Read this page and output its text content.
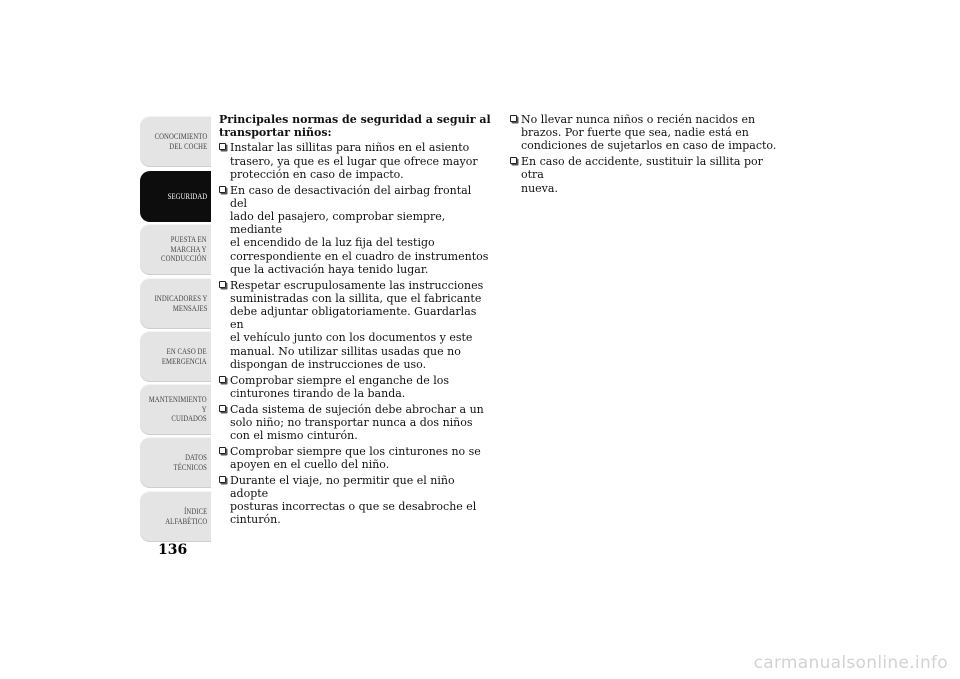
CONOCIMIENTO
DEL COCHE
SEGURIDAD
PUESTA EN
MARCHA Y
CONDUCCIÓN
INDICADORES Y
MENSAJES
EN CASO DE
EMERGENCIA
MANTENIMIENTO Y
CUIDADOS
DATOS TÉCNICOS
ÍNDICE
ALFABÉTICO
136

Principales normas de seguridad a seguir al transportar niños:

Instalar las sillitas para niños en el asiento
trasero, ya que es el lugar que ofrece mayor
protección en caso de impacto.
En caso de desactivación del airbag frontal del
lado del pasajero, comprobar siempre, mediante
el encendido de la luz fija del testigo
correspondiente en el cuadro de instrumentos
que la activación haya tenido lugar.
Respetar escrupulosamente las instrucciones
suministradas con la sillita, que el fabricante
debe adjuntar obligatoriamente. Guardarlas en
el vehículo junto con los documentos y este
manual. No utilizar sillitas usadas que no
dispongan de instrucciones de uso.
Comprobar siempre el enganche de los
cinturones tirando de la banda.
Cada sistema de sujeción debe abrochar a un
solo niño; no transportar nunca a dos niños
con el mismo cinturón.
Comprobar siempre que los cinturones no se
apoyen en el cuello del niño.
Durante el viaje, no permitir que el niño adopte
posturas incorrectas o que se desabroche el
cinturón.
No llevar nunca niños o recién nacidos en
brazos. Por fuerte que sea, nadie está en
condiciones de sujetarlos en caso de impacto.
En caso de accidente, sustituir la sillita por otra
nueva.
carmanualsonline.info
